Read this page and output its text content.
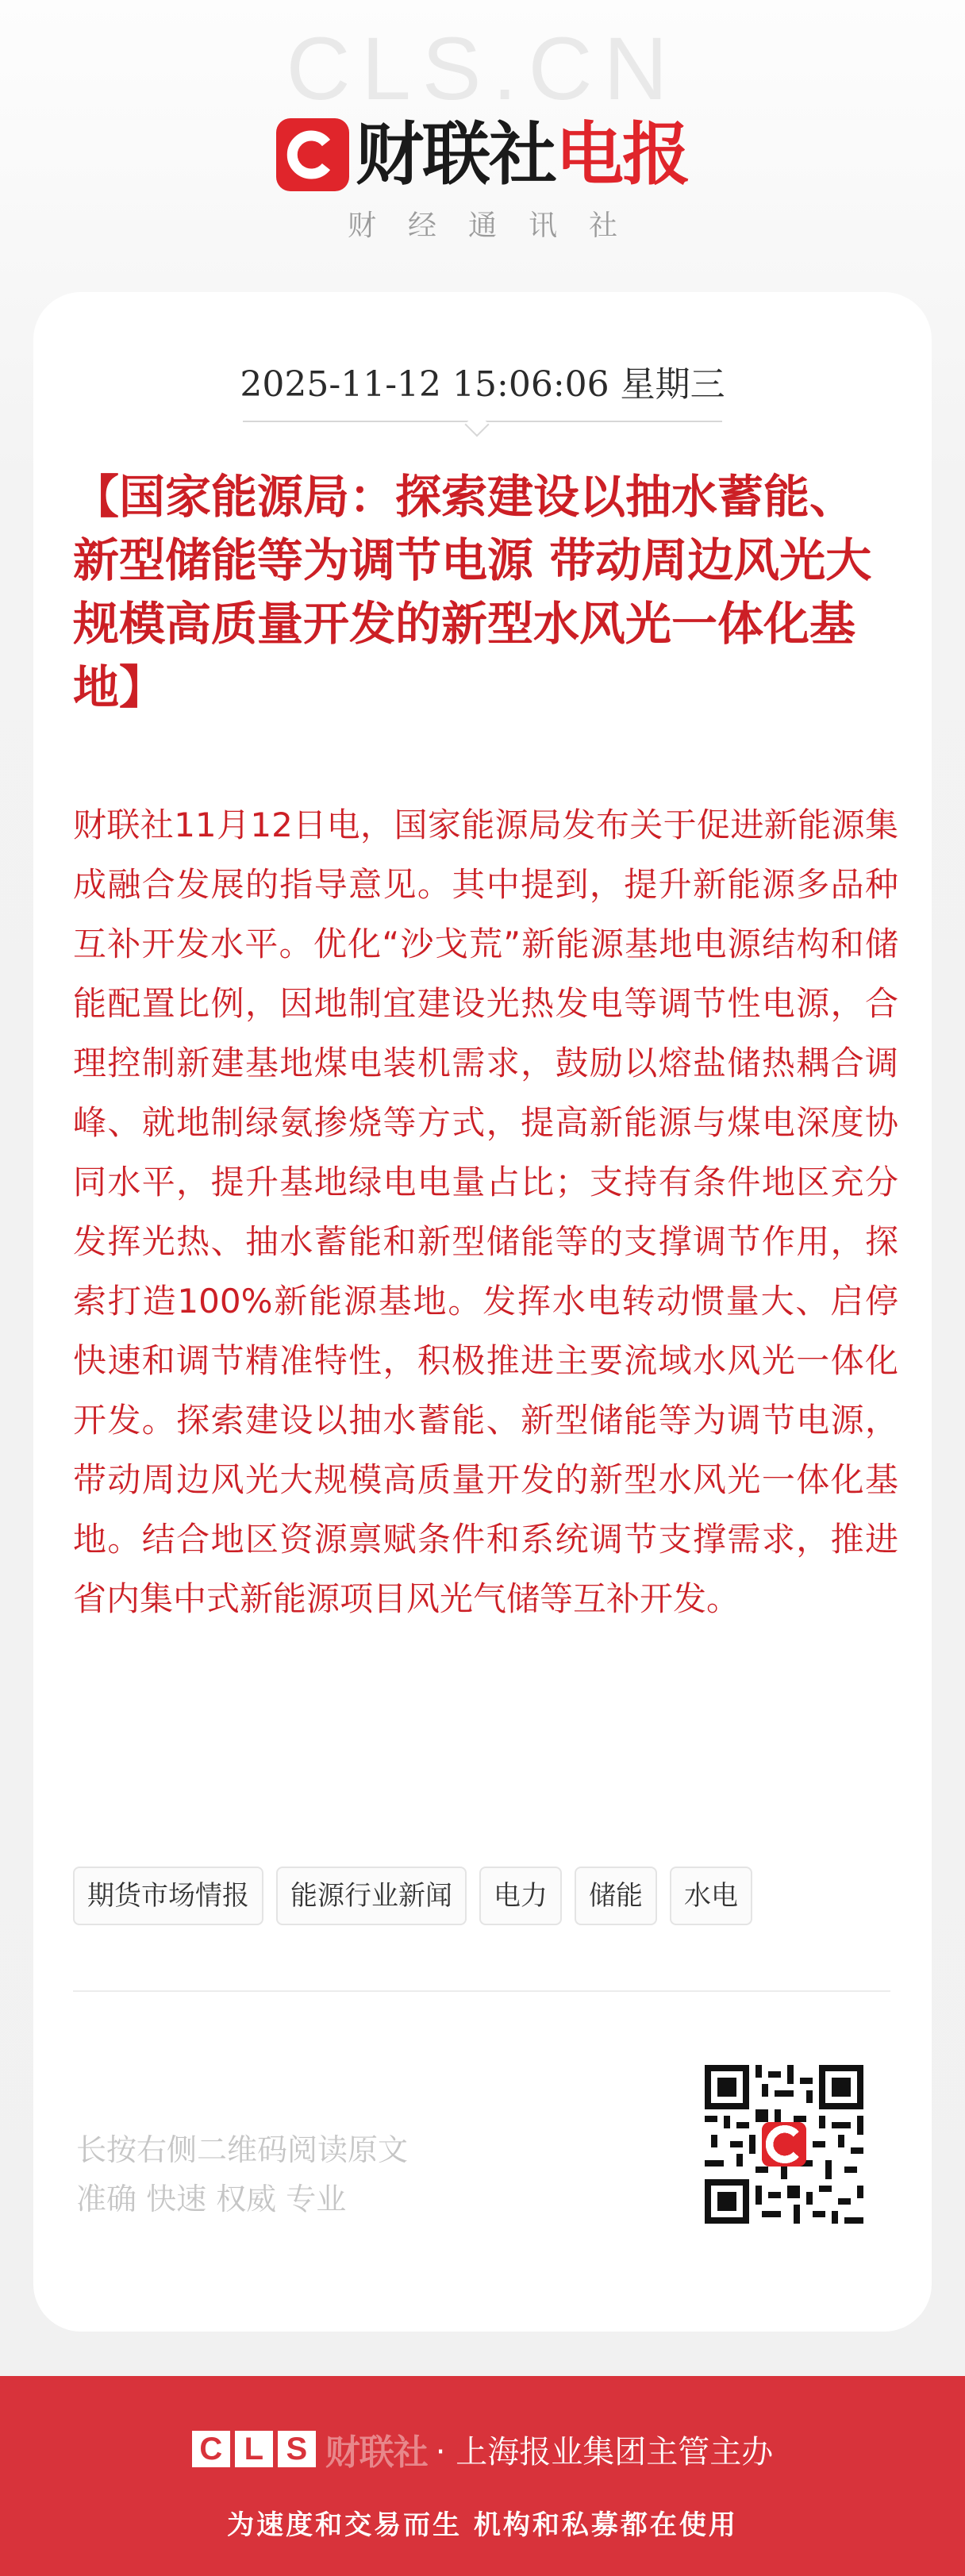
CLS.CN
财联社电报
财经通讯社
2025-11-12 15:06:06 星期三
【国家能源局：探索建设以抽水蓄能、新型储能等为调节电源 带动周边风光大规模高质量开发的新型水风光一体化基地】

财联社11月12日电，国家能源局发布关于促进新能源集成融合发展的指导意见。其中提到，提升新能源多品种互补开发水平。优化“沙戈荒”新能源基地电源结构和储能配置比例，因地制宜建设光热发电等调节性电源，合理控制新建基地煤电装机需求，鼓励以熔盐储热耦合调峰、就地制绿氨掺烧等方式，提高新能源与煤电深度协同水平，提升基地绿电电量占比；支持有条件地区充分发挥光热、抽水蓄能和新型储能等的支撑调节作用，探索打造100%新能源基地。发挥水电转动惯量大、启停快速和调节精准特性，积极推进主要流域水风光一体化开发。探索建设以抽水蓄能、新型储能等为调节电源，带动周边风光大规模高质量开发的新型水风光一体化基地。结合地区资源禀赋条件和系统调节支撑需求，推进省内集中式新能源项目风光气储等互补开发。

期货市场情报	能源行业新闻	电力	储能	水电
长按右侧二维码阅读原文
准确 快速 权威 专业
C L S 财联社 · 上海报业集团主管主办
为速度和交易而生 机构和私募都在使用
